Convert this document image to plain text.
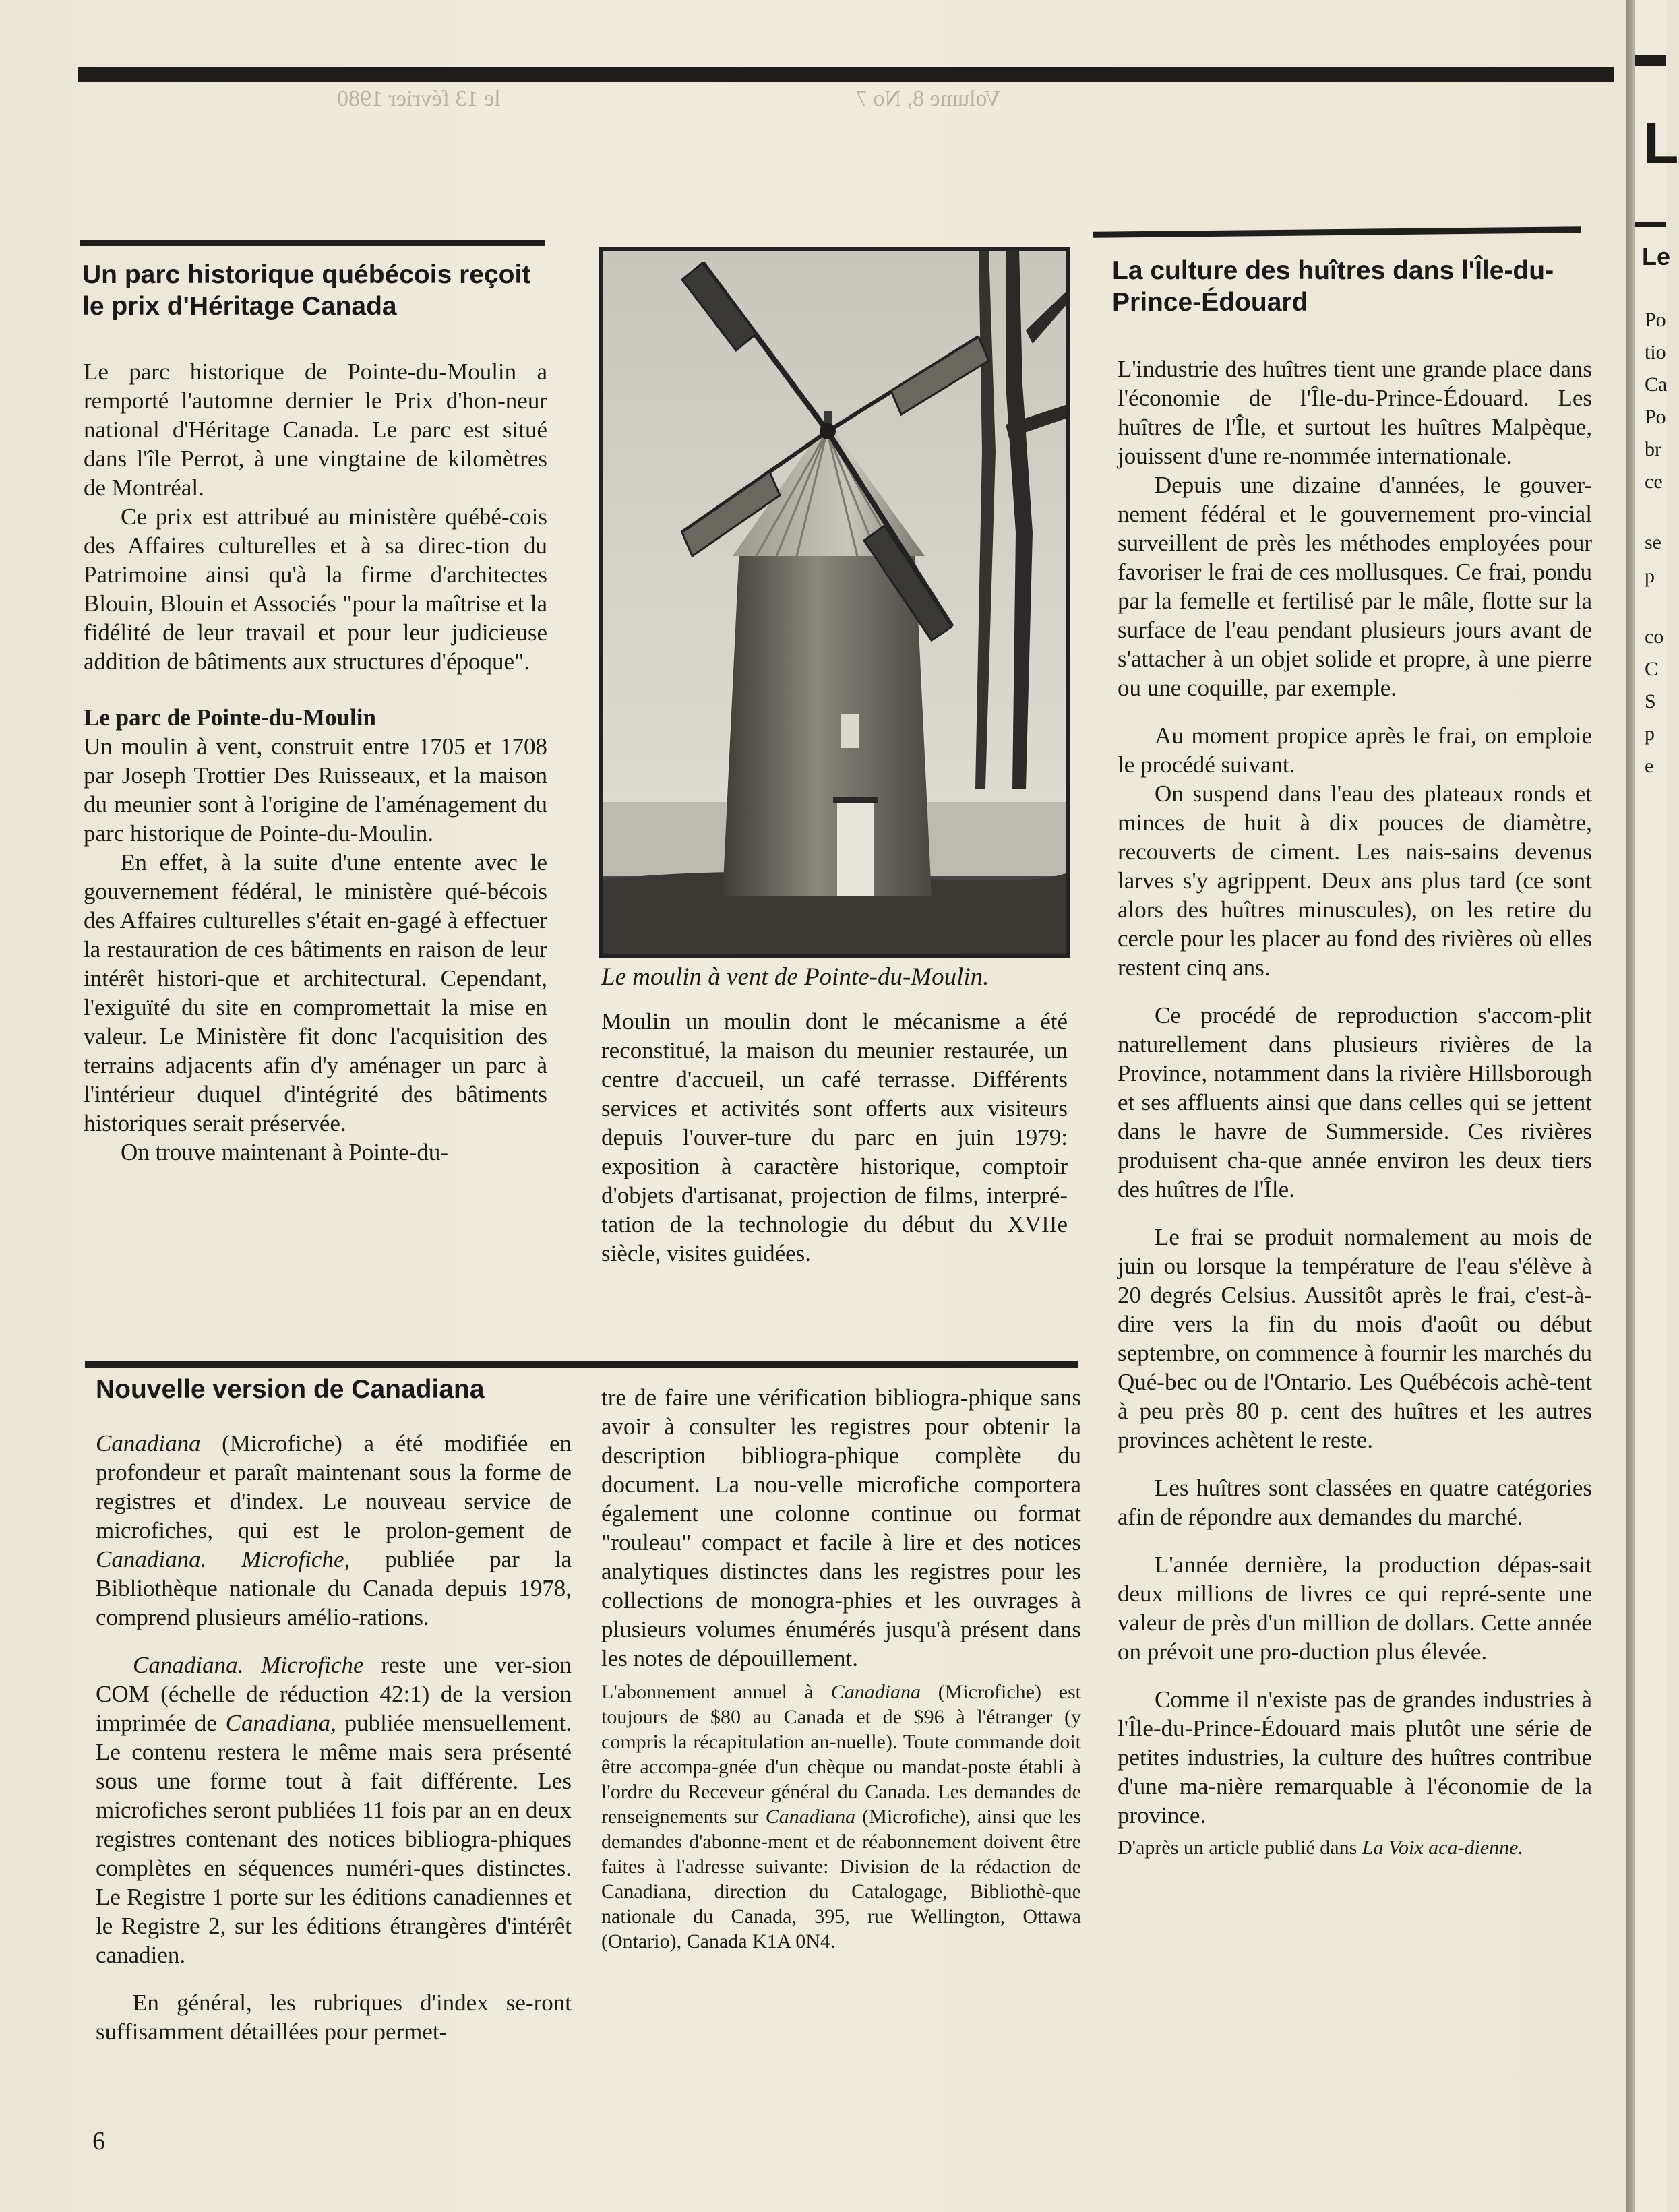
Volume 8, No 7
le 13 février 1980
Un parc historique québécois reçoit le prix d'Héritage Canada

Le parc historique de Pointe-du-Moulin a remporté l'automne dernier le Prix d'hon-neur national d'Héritage Canada. Le parc est situé dans l'île Perrot, à une vingtaine de kilomètres de Montréal.

Ce prix est attribué au ministère québé-cois des Affaires culturelles et à sa direc-tion du Patrimoine ainsi qu'à la firme d'architectes Blouin, Blouin et Associés "pour la maîtrise et la fidélité de leur travail et pour leur judicieuse addition de bâtiments aux structures d'époque".

Le parc de Pointe-du-Moulin

Un moulin à vent, construit entre 1705 et 1708 par Joseph Trottier Des Ruisseaux, et la maison du meunier sont à l'origine de l'aménagement du parc historique de Pointe-du-Moulin.

En effet, à la suite d'une entente avec le gouvernement fédéral, le ministère qué-bécois des Affaires culturelles s'était en-gagé à effectuer la restauration de ces bâtiments en raison de leur intérêt histori-que et architectural. Cependant, l'exiguïté du site en compromettait la mise en valeur. Le Ministère fit donc l'acquisition des terrains adjacents afin d'y aménager un parc à l'intérieur duquel d'intégrité des bâtiments historiques serait préservée.

On trouve maintenant à Pointe-du-

Le moulin à vent de Pointe-du-Moulin.

Moulin un moulin dont le mécanisme a été reconstitué, la maison du meunier restaurée, un centre d'accueil, un café terrasse. Différents services et activités sont offerts aux visiteurs depuis l'ouver-ture du parc en juin 1979: exposition à caractère historique, comptoir d'objets d'artisanat, projection de films, interpré-tation de la technologie du début du XVIIe siècle, visites guidées.

Nouvelle version de Canadiana

Canadiana (Microfiche) a été modifiée en profondeur et paraît maintenant sous la forme de registres et d'index. Le nouveau service de microfiches, qui est le prolon-gement de Canadiana. Microfiche, publiée par la Bibliothèque nationale du Canada depuis 1978, comprend plusieurs amélio-rations.

Canadiana. Microfiche reste une ver-sion COM (échelle de réduction 42:1) de la version imprimée de Canadiana, publiée mensuellement. Le contenu restera le même mais sera présenté sous une forme tout à fait différente. Les microfiches seront publiées 11 fois par an en deux registres contenant des notices bibliogra-phiques complètes en séquences numéri-ques distinctes. Le Registre 1 porte sur les éditions canadiennes et le Registre 2, sur les éditions étrangères d'intérêt canadien.

En général, les rubriques d'index se-ront suffisamment détaillées pour permet-

tre de faire une vérification bibliogra-phique sans avoir à consulter les registres pour obtenir la description bibliogra-phique complète du document. La nou-velle microfiche comportera également une colonne continue ou format "rouleau" compact et facile à lire et des notices analytiques distinctes dans les registres pour les collections de monogra-phies et les ouvrages à plusieurs volumes énumérés jusqu'à présent dans les notes de dépouillement.

L'abonnement annuel à Canadiana (Microfiche) est toujours de $80 au Canada et de $96 à l'étranger (y compris la récapitulation an-nuelle). Toute commande doit être accompa-gnée d'un chèque ou mandat-poste établi à l'ordre du Receveur général du Canada. Les demandes de renseignements sur Canadiana (Microfiche), ainsi que les demandes d'abonne-ment et de réabonnement doivent être faites à l'adresse suivante: Division de la rédaction de Canadiana, direction du Catalogage, Bibliothè-que nationale du Canada, 395, rue Wellington, Ottawa (Ontario), Canada K1A 0N4.

La culture des huîtres dans l'Île-du-Prince-Édouard

L'industrie des huîtres tient une grande place dans l'économie de l'Île-du-Prince-Édouard. Les huîtres de l'Île, et surtout les huîtres Malpèque, jouissent d'une re-nommée internationale.

Depuis une dizaine d'années, le gouver-nement fédéral et le gouvernement pro-vincial surveillent de près les méthodes employées pour favoriser le frai de ces mollusques. Ce frai, pondu par la femelle et fertilisé par le mâle, flotte sur la surface de l'eau pendant plusieurs jours avant de s'attacher à un objet solide et propre, à une pierre ou une coquille, par exemple.

Au moment propice après le frai, on emploie le procédé suivant.

On suspend dans l'eau des plateaux ronds et minces de huit à dix pouces de diamètre, recouverts de ciment. Les nais-sains devenus larves s'y agrippent. Deux ans plus tard (ce sont alors des huîtres minuscules), on les retire du cercle pour les placer au fond des rivières où elles restent cinq ans.

Ce procédé de reproduction s'accom-plit naturellement dans plusieurs rivières de la Province, notamment dans la rivière Hillsborough et ses affluents ainsi que dans celles qui se jettent dans le havre de Summerside. Ces rivières produisent cha-que année environ les deux tiers des huîtres de l'Île.

Le frai se produit normalement au mois de juin ou lorsque la température de l'eau s'élève à 20 degrés Celsius. Aussitôt après le frai, c'est-à-dire vers la fin du mois d'août ou début septembre, on commence à fournir les marchés du Qué-bec ou de l'Ontario. Les Québécois achè-tent à peu près 80 p. cent des huîtres et les autres provinces achètent le reste.

Les huîtres sont classées en quatre catégories afin de répondre aux demandes du marché.

L'année dernière, la production dépas-sait deux millions de livres ce qui repré-sente une valeur de près d'un million de dollars. Cette année on prévoit une pro-duction plus élevée.

Comme il n'existe pas de grandes industries à l'Île-du-Prince-Édouard mais plutôt une série de petites industries, la culture des huîtres contribue d'une ma-nière remarquable à l'économie de la province.

D'après un article publié dans La Voix aca-dienne.

6
L
Le
Po
tio
Ca
Po
br
ce
se
p
co
C
S
p
e
